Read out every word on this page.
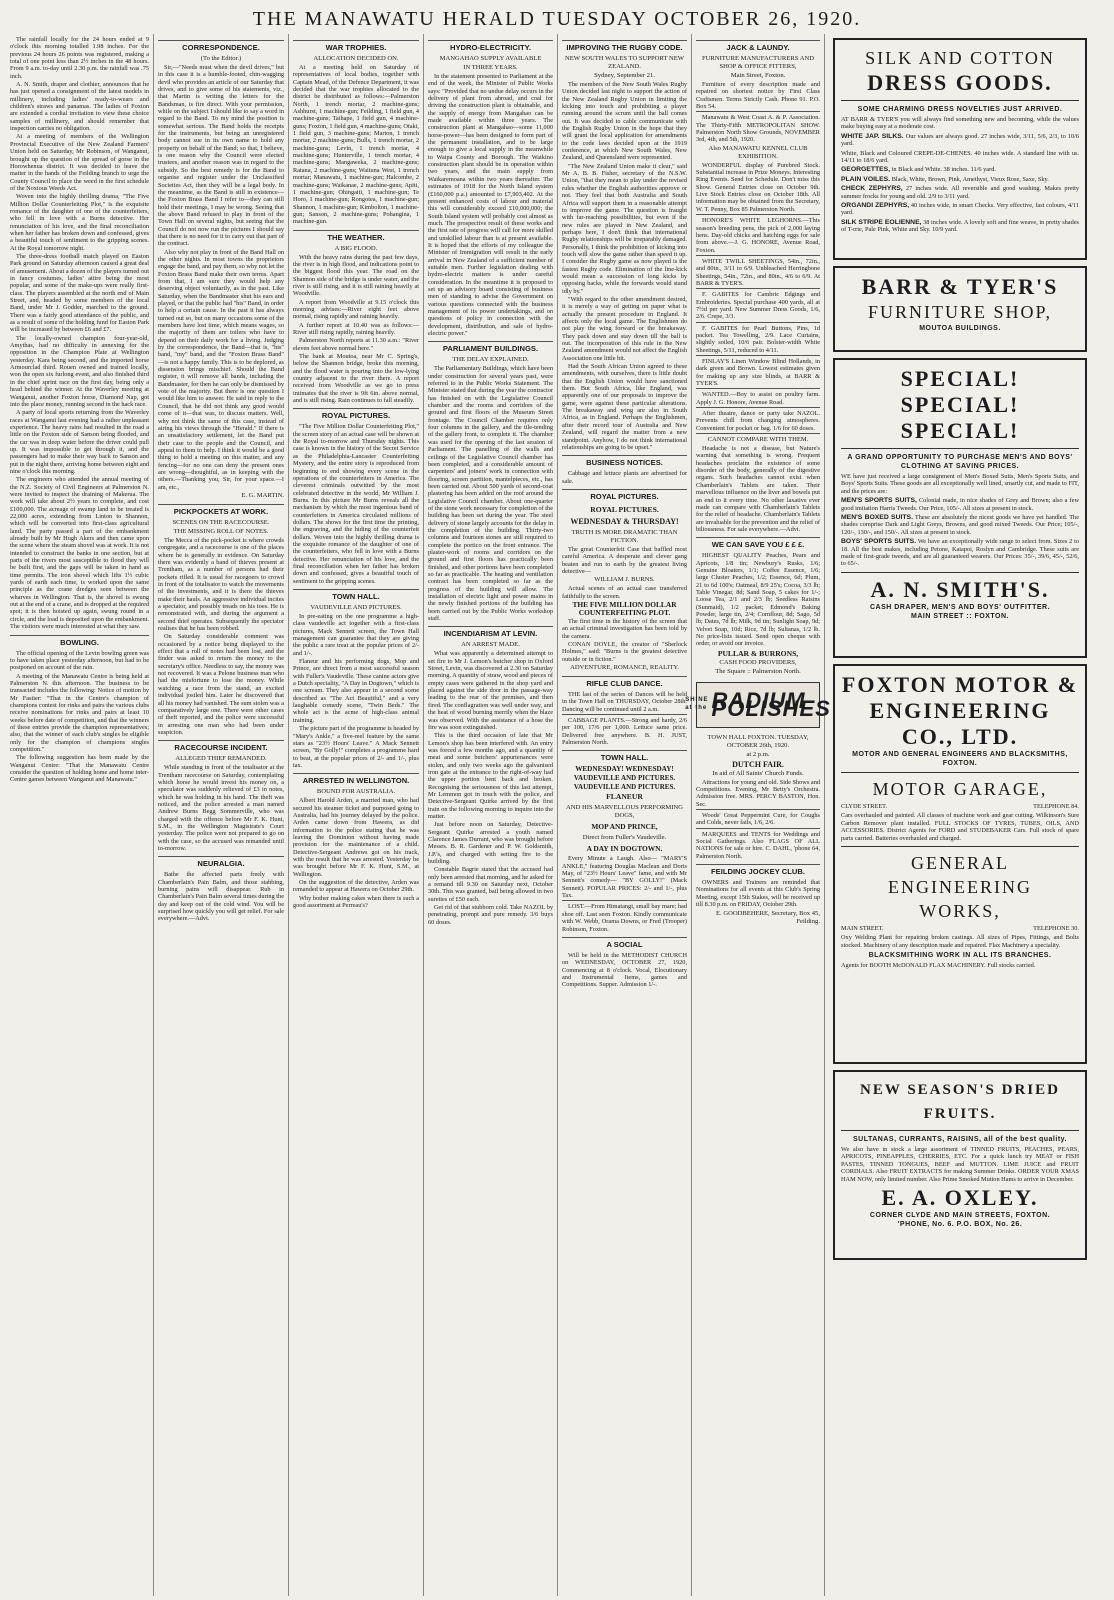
THE MANAWATU HERALD TUESDAY OCTOBER 26, 1920.

The rainfall locally for the 24 hours ended at 9 o'clock this morning totalled 1.98 inches. For the previous 24 hours 26 points was registered, making a total of one point less than 2½ inches in the 48 hours. From 9 a.m. to-day until 2.30 p.m. the rainfall was .75 inch.

A. N. Smith, draper and clothier, announces that he has just opened a consignment of the latest models in millinery, including ladies' ready-to-wears and children's straws and panamas. The ladies of Foxton are extended a cordial invitation to view these choice samples of millinery, and should remember that inspection carries no obligation.

At a meeting of members of the Wellington Provincial Executive of the New Zealand Farmers' Union held on Saturday, Mr Robinson, of Wanganui, brought up the question of the spread of gorse in the Horowhenua district. It was decided to leave the matter in the hands of the Feilding branch to urge the County Council to place the weed in the first schedule of the Noxious Weeds Act.

Woven into the highly thrilling drama, "The Five Million Dollar Counterfeiting Plot," is the exquisite romance of the daughter of one of the counterfeiters, who fell in love with a Burns detective. Her renunciation of his love, and the final reconciliation when her father has broken down and confessed, gives a beautiful touch of sentiment to the gripping scenes. At the Royal tomorrow night.

The three-dress football match played on Easton Park ground on Saturday afternoon caused a great deal of amusement. About a dozen of the players turned out in fancy costumes, ladies' attire being the most popular, and some of the make-ups were really first-class. The players assembled at the north end of Main Street, and, headed by some members of the local Band, under Mr J. Godder, marched to the ground. There was a fairly good attendance of the public, and as a result of some of the holding fund for Easton Park will be increased by between £6 and £7.

The locally-owned champion four-year-old, Amythas, had no difficulty in annexing for the opposition in the Champion Plate at Wellington yesterday. Kara being second, and the imported horse Armourclad third. Rouen owned and trained locally, won the open six furlong event, and also finished third in the chief sprint race on the first day, being only a head behind the winner. At the Waverley meeting at Wanganui, another Foxton horse, Diamond Nap, got into the place money, running second in the hack race.

A party of local sports returning from the Waverley races at Wanganui last evening had a rather unpleasant experience. The heavy rains had resulted in the road a little on the Foxton side of Sanson being flooded, and the car was in deep water before the driver could pull up. It was impossible to get through it, and the passengers had to make their way back to Sanson and put in the night there, arriving home between eight and nine o'clock this morning.

The engineers who attended the annual meeting of the N.Z. Society of Civil Engineers at Palmerston N. were invited to inspect the draining of Makerua. The work will take about 2½ years to complete, and cost £100,000. The acreage of swamp land to be treated is 22,000 acres, extending from Linton to Shannon, which will be converted into first-class agricultural land. The party passed a part of the embankment already built by Mr Hugh Akers and then came upon the scene where the steam shovel was at work. It is not intended to construct the banks in one section, but at parts of the rivers most susceptible to flood they will be built first, and the gaps will be taken in hand as time permits. The iron shovel which lifts 1½ cubic yards of earth each time, is worked upon the same principle as the crane dredges seen between the wharves in Wellington. That is, the shovel is swung out at the end of a crane, and is dropped at the required spot; it is then hoisted up again, swung round in a circle, and the load is deposited upon the embankment. The visitors were much interested at what they saw.

BOWLING.

The official opening of the Levin bowling green was to have taken place yesterday afternoon, but had to be postponed on account of the rain.

A meeting of the Manawatu Centre is being held at Palmerston N. this afternoon. The business to be transacted includes the following: Notice of motion by Mr Fastier: "That in the Centre's champion of champions contest for rinks and pairs the various clubs receive nominations for rinks and pairs at least 10 weeks before date of competition, and that the winners of these entries provide the champion representatives; also, that the winner of each club's singles be eligible only for the champion of champions singles competition."

The following suggestion has been made by the Wanganui Centre: "That the Manawatu Centre consider the question of holding home and home inter-Centre games between Wanganui and Manawatu."

CORRESPONDENCE.
(To the Editor.)

Sir,—"Needs must when the devil drives," but in this case it is a humble-footed, chin-wagging devil who provides an article of our Saturday that drives, and to give some of his statements, viz., that Martin is writing the letters for the Bandsman, is fire direct. With your permission, while on the subject I should like to say a word in regard to the Band. To my mind the position is somewhat serious. The Band holds the receipts for the instruments, but being an unregistered body cannot sue in its own name to hold any property on behalf of the Band; so that, I believe, is one reason why the Council were elected trustees, and another reason was in regard to the subsidy. So the best remedy is for the Band to organise and register under the Unclassified Societies Act, then they will be a legal body. In the meantime, as the Band is still in existence—the Foxton Brass Band I refer to—they can still hold their meetings, I may be wrong. Seeing that the above Band refused to play in front of the Town Hall on several nights, but seeing that the Council do not now run the pictures I should say that there is no need for it to carry out that part of the contract.

Also why not play in front of the Band Hall on the other nights. In most towns the proprietors engage the band, and pay them, so why not let the Foxton Brass Band make their own terms. Apart from that, I am sure they would help any deserving object voluntarily, as in the past. Like Saturday, when the Bandmaster shut his ears and played, or that the public had "his" Band, in order to help a certain cause. In the past it has always turned out so, but on many occasions some of the members have lost time, which means wages, so the majority of them are toilers who have to depend on their daily work for a living. Judging by the correspondence, the Band—that is, "his" band, "my" band, and the "Foxton Brass Band" —is not a happy family. This is to be deplored, as dissension brings mischief. Should the Band register, it will remove all bands, including the Bandmaster, for then he can only be dismissed by vote of the majority. But there is one question I would like him to answer. He said in reply to the Council, that he did not think any good would come of it—that was, to discuss matters. Well, why not think the same of this case, instead of airing his views through the "Herald." If there is an unsatisfactory settlement, let the Band put their case to the people and the Council, and appeal to them to help. I think it would be a good thing to hold a meeting on this matter, and any fencing—for no one can deny the present ones are wrong—thoughtful, as in keeping with the others.—Thanking you, Sir, for your space.—I am, etc.,

E. G. MARTIN.
PICKPOCKETS AT WORK.
SCENES ON THE RACECOURSE.
THE MISSING ROLL OF NOTES.

The Mecca of the pick-pocket is where crowds congregate, and a racecourse is one of the places where he is generally in evidence. On Saturday there was evidently a band of thieves present at Trentham, as a number of persons had their pockets rifled. It is usual for racegoers to crowd in front of the totalisator to watch the movements of the investments, and it is there the thieves make their hauls. An aggressive individual incites a spectator, and possibly treads on his toes. He is remonstrated with, and during the argument a second thief operates. Subsequently the spectator realises that he has been robbed.

On Saturday considerable comment was occasioned by a notice being displayed to the effect that a roll of notes had been lost, and the finder was asked to return the money to the secretary's office. Needless to say, the money was not recovered. It was a Pelone business man who had the misfortune to lose the money. While watching a race from the stand, an excited individual jostled him. Later he discovered that all his money had vanished. The sum stolen was a comparatively large one. There were other cases of theft reported, and the police were successful in arresting one man who had been under suspicion.

RACECOURSE INCIDENT.
ALLEGED THIEF REMANDED.

While standing in front of the totalisator at the Trentham racecourse on Saturday, contemplating which horse he would invest his money on, a speculator was suddenly relieved of £3 in notes, which he was holding in his hand. The theft was noticed, and the police arrested a man named Andrew Burns Begg Sommerville, who was charged with the offence before Mr F. K. Hunt, S.M., in the Wellington Magistrate's Court yesterday. The police were not prepared to go on with the case, so the accused was remanded until to-morrow.

NEURALGIA.

Bathe the affected parts freely with Chamberlain's Pain Balm, and those stabbing, burning pains will disappear. Rub in Chamberlain's Pain Balm several times during the day and keep out of the cold wind. You will be surprised how quickly you will get relief. For sale everywhere.—Advt.

WAR TROPHIES.
ALLOCATION DECIDED ON.

At a meeting held on Saturday of representatives of local bodies, together with Captain Mead, of the Defence Department, it was decided that the war trophies allocated to the district be distributed as follows:—Palmerston North, 1 trench mortar, 2 machine-guns; Ashhurst, 1 machine-gun; Feilding, 1 field gun, 4 machine-guns; Taihape, 1 field gun, 4 machine-guns; Foxton, 1 field gun, 4 machine-guns; Otaki, 1 field gun, 3 machine-guns; Marton, 1 trench mortar, 2 machine-guns; Bulls, 1 trench mortar, 2 machine-guns; Levin, 1 trench mortar, 4 machine-guns; Hunterville, 1 trench mortar, 4 machine-guns; Mangaweka, 2 machine-guns; Ratana, 2 machine-guns; Waituna West, 1 trench mortar; Manawatu, 1 machine-gun; Halcombe, 2 machine-guns; Waikanae, 2 machine-guns; Apiti, 1 machine-gun; Ohingaiti, 1 machine-gun; Te Horo, 1 machine-gun; Rongotea, 1 machine-gun; Shannon, 1 machine-gun; Kimbolton, 1 machine-gun; Sanson, 2 machine-guns; Pohangina, 1 machine-gun.

THE WEATHER.
A BIG FLOOD.

With the heavy rains during the past few days, the river is in high flood, and indications point to the biggest flood this year. The road on the Shannon side of the bridge is under water, and the river is still rising, and it is still raining heavily at Woodville.

A report from Woodville at 9.15 o'clock this morning advises:—River eight feet above normal, rising rapidly and raining heavily.

A further report at 10.40 was as follows:—River still rising rapidly, raining heavily.

Palmerston North reports at 11.30 a.m.: "River eleven feet above normal here."

The bank at Moutoa, near Mr C. Spring's, below the Shannon bridge, broke this morning, and the flood water is pouring into the low-lying country adjacent to the river there. A report received from Woodville as we go to press intimates that the river is 9ft 6in. above normal, and is still rising. Rain continues to fall steadily.

ROYAL PICTURES.

"The Five Million Dollar Counterfeiting Plot," the screen story of an actual case will be shown at the Royal to-morrow and Thursday nights. This case is known in the history of the Secret Service as the Philadelphia-Lancaster Counterfeiting Mystery, and the entire story is reproduced from beginning to end showing every scene in the operations of the counterfeiters in America. The cleverest criminals outwitted by the most celebrated detective in the world, Mr William J. Burns. In this picture Mr Burns reveals all the mechanism by which the most ingenious band of counterfeiters in America circulated millions of dollars. The shows for the first time the printing, the engraving, and the hiding of the counterfeit dollars. Woven into the highly thrilling drama is the exquisite romance of the daughter of one of the counterfeiters, who fell in love with a Burns detective. Her renunciation of his love, and the final reconciliation when her father has broken down and confessed, gives a beautiful touch of sentiment to the gripping scenes.

TOWN HALL.
VAUDEVILLE AND PICTURES.

In pre-eating on the one programme a high-class vaudeville act together with a first-class pictures, Mack Sennett screen, the Town Hall management can guarantee that they are giving the public a rare treat at the popular prices of 2/- and 1/-.

Flaneur and his performing dogs, Mop and Prince, are direct from a most successful season with Fuller's Vaudeville. These canine actors give a Dutch speciality, "A Day in Dogtown," which is one scream. They also appear in a second scene described as "The Act Beautiful," and a very laughable comedy scene, "Twin Beds." The whole act is the acme of high-class animal training.

The picture part of the programme is headed by "Mary's Ankle," a five-reel feature by the same stars as "23½ Hours' Leave." A Mack Sennett screen, "By Golly!" completes a programme hard to beat, at the popular prices of 2/- and 1/-, plus tax.

ARRESTED IN WELLINGTON.
BOUND FOR AUSTRALIA.

Albert Harold Arden, a married man, who had secured his steamer ticket and purposed going to Australia, had his journey delayed by the police. Arden came down from Hawera, as did information to the police stating that he was leaving the Dominion without having made provision for the maintenance of a child. Detective-Sergeant Andrews got on his track, with the result that he was arrested. Yesterday he was brought before Mr F. K. Hunt, S.M., at Wellington.

On the suggestion of the detective, Arden was remanded to appear at Hawera on October 29th.

Why bother making cakes when there is such a good assortment at Perreau's?

HYDRO-ELECTRICITY.
MANGAHAO SUPPLY AVAILABLE
IN THREE YEARS.

In the statement presented to Parliament at the end of the week, the Minister of Public Works says: "Provided that no undue delay occurs in the delivery of plant from abroad, and coal for driving the construction plant is obtainable, and the supply of energy from Mangahao can be made available within three years. The construction plant at Mangahao—some 11,000 horse-power—has been designed to form part of the permanent installation, and to be large enough to give a local supply in the meanwhile to Waipa County and Borough. The Waikino construction plant should be in operation within two years, and the main supply from Waikaremoana within two years thereafter. The estimates of 1918 for the North Island system (£160,000 p.a.) amounted to £7,903,402. At the present enhanced costs of labour and material this will considerably exceed £10,000,000; the South Island system will probably cost almost as much. The prospective result of these works and the first rate of progress will call for more skilled and unskilled labour than is at present available. It is hoped that the efforts of my colleague the Minister of Immigration will result in the early arrival in New Zealand of a sufficient number of suitable men. Further legislation dealing with hydro-electric matters is under careful consideration. In the meantime it is proposed to set up an advisory board consisting of business men of standing to advise the Government on various questions connected with the business management of its power undertakings, and on questions of policy in connection with the development, distribution, and sale of hydro-electric power."

PARLIAMENT BUILDINGS.
THE DELAY EXPLAINED.

The Parliamentary Buildings, which have been under construction for several years past, were referred to in the Public Works Statement. The Minister stated that during the year the contractor has finished on with the Legislative Council chamber and the rooms and corridors of the ground and first floors of the Museum Street frontage. The Council Chamber requires only four columns in the gallery, and the tile-tending of the gallery front, to complete it. The chamber was used for the opening of the last session of Parliament. The panelling of the walls and ceilings of the Legislative Council chamber has been completed, and a considerable amount of carpenters' and joiners' work in connection with flooring, screen partition, mantelpieces, etc., has been carried out. About 500 yards of second-coat plastering has been added on the roof around the Legislative Council chamber. About one-quarter of the stone work necessary for completion of the building has been set during the year. The steel delivery of stone largely accounts for the delay in the completion of the building. Thirty-two columns and fourteen stones are still required to complete the portico on the front entrance. The plaster-work of rooms and corridors on the ground and first floors has practically been finished, and other portions have been completed so far as practicable. The heating and ventilation contract has been completed so far as the progress of the building will allow. The installation of electric light and power mains in the newly finished portions of the building has been carried out by the Public Works workshop staff.

INCENDIARISM AT LEVIN.
AN ARREST MADE.

What was apparently a determined attempt to set fire to Mr J. Lemon's butcher shop in Oxford Street, Levin, was discovered at 2.30 on Saturday morning. A quantity of straw, wood and pieces of empty cases were gathered in the shop yard and placed against the side door in the passage-way leading to the rear of the premises, and then fired. The conflagration was well under way, and the heat of wood burning merrily when the blaze was observed. With the assistance of a hose the fire was soon extinguished.

This is the third occasion of late that Mr Lemon's shop has been interfered with. An entry was forced a few months ago, and a quantity of meat and some butchers' appurtenances were stolen, and only two weeks ago the galvanised iron gate at the entrance to the right-of-way had the upper portion bent back and broken. Recognising the seriousness of this last attempt, Mr Lemmon got in touch with the police, and Detective-Sergeant Quirke arrived by the first train on the following morning to inquire into the matter.

Just before noon on Saturday, Detective-Sergeant Quirke arrested a youth named Clarence James Durrant, who was brought before Messrs. B. R. Gardener and P. W. Goldsmith, J.P.'s, and charged with setting fire to the building.

Constable Bagrie stated that the accused had only been arrested that morning, and he asked for a remand till 9.30 on Saturday next, October 30th. This was granted, bail being allowed in two sureties of £50 each.

Get rid of that stubborn cold. Take NAZOL by penetrating, prompt and pure remedy. 3/6 buys 60 doses.

IMPROVING THE RUGBY CODE.
NEW SOUTH WALES TO SUPPORT NEW ZEALAND.
Sydney, September 21.

The members of the New South Wales Rugby Union decided last night to support the action of the New Zealand Rugby Union in limiting the kicking into touch and prohibiting a player running around the scrum until the ball comes out. It was decided to cable communicate with the English Rugby Union in the hope that they will grant the local application for amendments to the code laws decided upon at the 1919 conference, at which New South Wales, New Zealand, and Queensland were represented.

"The New Zealand Union make it clear," said Mr A. B. B. Fisher, secretary of the N.S.W. Union, "that they mean to play under the revised rules whether the English authorities approve or not. They feel that both Australia and South Africa will support them in a reasonable attempt to improve the game. The question is fraught with far-reaching possibilities, but even if the new rules are played in New Zealand, and perhaps here, I don't think that international Rugby relationships will be irreparably damaged. Personally, I think the prohibition of kicking into touch will slow the game rather than speed it up. I consider the Rugby game as now played is the fastest Rugby code. Elimination of the line-kick would mean a succession of long kicks by opposing backs, while the forwards would stand idly by."

"With regard to the other amendment desired, it is merely a way of getting on paper what is actually the present procedure in England. It affects only the local game. The Englishmen do not play the wing forward or the breakaway. They pack down and stay down till the ball is out. The incorporation of this rule in the New Zealand amendment would not affect the English Association one little bit.

Had the South African Union agreed to these amendments, with ourselves, there is little doubt that the English Union would have sanctioned them. But South Africa, like England, was apparently one of our proposals to improve the game, were against these particular alterations. The breakaway and wing are also in South Africa, as in England. Perhaps the Englishmen, after their record tour of Australia and New Zealand, will regard the matter from a new standpoint. Anyhow, I do not think international relationships are going to be upset."

BUSINESS NOTICES.

Cabbage and lettuce plants are advertised for sale.

ROYAL PICTURES.
ROYAL PICTURES.
WEDNESDAY & THURSDAY!
TRUTH IS MORE DRAMATIC THAN FICTION.

The great Counterfeit Case that baffled most careful America. A desperate and clever gang beaten and run to earth by the greatest living detective—

WILLIAM J. BURNS.

Actual scenes of an actual case transferred faithfully to the screen.

THE FIVE MILLION DOLLAR
COUNTERFEITING PLOT.

The first time in the history of the screen that an actual criminal investigation has been told by the camera.

CONAN DOYLE, the creator of "Sherlock Holmes," said: "Burns is the greatest detective outside or in fiction."

ADVENTURE, ROMANCE, REALITY.
RIFLE CLUB DANCE.

THE last of the series of Dances will be held in the Town Hall on THURSDAY, October 28th. Dancing will be continued until 2 a.m.

CABBAGE PLANTS.—Strong and hardy, 2/6 per 100, 17/6 per 1,000. Lettuce same price. Delivered free anywhere. B. H. JUST, Palmerston North.

TOWN HALL.
WEDNESDAY! WEDNESDAY!
VAUDEVILLE AND PICTURES.
VAUDEVILLE AND PICTURES.
FLANEUR
AND HIS MARVELLOUS PERFORMING DOGS,
MOP AND PRINCE,
Direct from Fuller's Vaudeville.
A DAY IN DOGTOWN.

Every Minute a Laugh. Also— "MARY'S ANKLE," featuring Douglas Maclean and Doris May, of "23½ Hours' Leave" fame, and with Mr Sennett's comedy— "BY GOLLY!" (Mack Sennett). POPULAR PRICES: 2/- and 1/-, plus Tax.

LOST.—From Himatangi, small bay mare; had shoe off. Last seen Foxton. Kindly communicate with W. Webb, Orama Downs, or Fred (Trooper) Robinson, Foxton.

A SOCIAL

Will be held in the METHODIST CHURCH on WEDNESDAY, OCTOBER 27, 1920, Commencing at 8 o'clock. Vocal, Elocutionary and Instrumental Items, games and Competitions. Supper. Admission 1/-.

JACK & LAUNDY.
FURNITURE MANUFACTURERS AND SHOP & OFFICE FITTERS,
Main Street, Foxton.

Furniture of every description made and repaired on shortest notice by First Class Craftsmen. Terms Strictly Cash. Phone 91. P.O. Box 54.

Manawatu & West Coast A. & P. Association. The Thirty-Fifth METROPOLITAN SHOW. Palmerston North Show Grounds, NOVEMBER 3rd, 4th, and 5th, 1920.

Also MANAWATU KENNEL CLUB EXHIBITION.

WONDERFUL display of Purebred Stock. Substantial increase in Prize Moneys. Interesting Ring Events. Send for Schedule. Don't miss this Show. General Entries close on October 9th. Live Stock Entries close on October 18th. All information may be obtained from the Secretary, W. T. Penny, Box 85 Palmerston North.

HONORE'S WHITE LEGHORNS.—This season's breeding pens, the pick of 2,000 laying hens. Day-old chicks and hatching eggs for sale from above.—J. G. HONORE, Avenue Road, Foxton.

WHITE TWILL SHEETINGS, 54in., 72in., and 80in., 3/11 to 6/9. Unbleached Herringbone Sheetings, 54in., 72in., and 80in., 4/6 to 6/9. At BARR & TYER'S.

F. GABITES for Cambric Edgings and Embroideries. Special purchase 400 yards, all at 7½d per yard. New Summer Dress Goods, 1/6, 2/6. Crepe, 3/3.

F. GABITES for Pearl Buttons, Pins, 1d packet. Tea Towelling, 2/9. Lace Curtains, slightly soiled, 10/6 pair. Bolster-width White Sheetings, 5/11, reduced to 4/11.

FINLAY'S Linen Window Blind Hollands, in dark green and Brown. Lowest estimates given for making up any size blinds, at BARR & TYER'S.

WANTED.—Boy to assist on poultry farm. Apply J. G. Honore, Avenue Road.

After theatre, dance or party take NAZOL. Prevents chill from changing atmospheres. Convenient for pocket or bag. 1/6 for 60 doses.

CANNOT COMPARE WITH THEM.

Headache is not a disease, but Nature's warning that something is wrong. Frequent headaches proclaim the existence of some disorder of the body, generally of the digestive organs. Such headaches cannot exist when Chamberlain's Tablets are taken. Their marvellous influence on the liver and bowels put an end to it every time. No other laxative ever made can compare with Chamberlain's Tablets for the relief of headache. Chamberlain's Tablets are invaluable for the prevention and the relief of biliousness. For sale everywhere.—Advt.

WE CAN SAVE YOU £ £ £.

HIGHEST QUALITY Peaches, Pears and Apricots, 1/8 tin; Newbury's Rusks, 1/6; Genuine Bloaters, 1/1; Coffee Essence, 1/6; large Cluster Peaches, 1/2; Essence, 6d; Plum, 21 to 6d 100's; Oatmeal, 8/9 25's; Cocoa, 3/3 lb; Table Vinegar, 8d; Sand Soap, 5 cakes for 1/-; Loose Tea, 2/1 and 2/3 lb; Seedless Raisins (Sunmaid), 1/2 packet; Edmond's Baking Powder, large tin, 2/4; Cornflour, 8d; Sago, 5d lb; Dates, 7d lb; Milk, 9d tin; Sunlight Soap, 9d; Velvet Soap, 10d; Rice, 7d lb; Sultanas, 1/2 lb. No price-lists issued. Send open cheque with order, or avoid our invoice.

PULLAR & BURRONS,
CASH FOOD PROVIDERS,
The Square :: Palmerston North.
SHINE at the RADIUM POLISHES
TOWN HALL FOXTON. TUESDAY, OCTOBER 26th, 1920.
at 2 p.m.
DUTCH FAIR.
In aid of All Saints' Church Funds.

Attractions for young and old. Side Shows and Competitions. Evening, Mr Betty's Orchestra. Admission free. MRS. PERCY BASTON, Hon. Sec.

Woods' Great Peppermint Cure, for Coughs and Colds, never fails, 1/6, 2/6.

MARQUEES and TENTS for Weddings and Social Gatherings. Also FLAGS OF ALL NATIONS for sale or hire. C. DAHL, 'phone 64, Palmerston North.

FEILDING JOCKEY CLUB.

OWNERS and Trainers are reminded that Nominations for all events at this Club's Spring Meeting, except 15th Stakes, will be received up till 8.30 p.m. on FRIDAY, October 29th.

E. GOODBEHERE, Secretary, Box 45, Feilding.
SILK AND COTTON
DRESS GOODS.
SOME CHARMING DRESS NOVELTIES JUST ARRIVED.
AT BARR & TYER'S you will always find something new and becoming, while the values make buying easy at a moderate cost.
WHITE JAP. SILKS. Our values are always good. 27 inches wide, 3/11, 5/6, 2/3, to 10/6 yard.
White, Black and Coloured CREPE-DE-CHENES. 40 inches wide. A standard line with us. 14/11 to 18/6 yard.
GEORGETTES, in Black and White. 38 inches. 11/6 yard.
PLAIN VOILES. Black, White, Brown, Pink, Amethyst, Vieux Rose, Saxe, Sky.
CHECK ZEPHYRS, 27 inches wide. All reversible and good washing. Makes pretty summer frocks for young and old. 2/9 to 3/11 yard.
ORGANDI ZEPHYRS, 40 inches wide, in smart Checks. Very effective, fast colours, 4/11 yard.
SILK STRIPE EOLIENNE, 38 inches wide. A lovely soft and fine weave, in pretty shades of T-rrie, Pale Pink, White and Sky. 10/9 yard.
BARR & TYER'S
FURNITURE SHOP,
MOUTOA BUILDINGS.
SPECIAL!
SPECIAL! SPECIAL!
A GRAND OPPORTUNITY TO PURCHASE MEN'S AND BOYS' CLOTHING AT SAVING PRICES.
WE have just received a large consignment of Men's Boxed Suits, Men's Sports Suits, and Boys' Sports Suits. These goods are all exceptionally well lined, smartly cut, and made to FIT, and the prices are:
MEN'S SPORTS SUITS, Colonial made, in nice shades of Grey and Brown; also a few good imitation Harris Tweeds. Our Price, 105/-. All sizes at present in stock.
MEN'S BOXED SUITS. These are absolutely the nicest goods we have yet handled. The shades comprise Dark and Light Greys, Browns, and good mixed Tweeds. Our Price; 105/-, 120/-, 130/-, and 150/-. All sizes at present in stock.
BOYS' SPORTS SUITS. We have an exceptionally wide range to select from. Sizes 2 to 18. All the best makes, including Petone, Kaiapoi, Roslyn and Cambridge. These suits are made of first-grade tweeds, and are all guaranteed wearers. Our Prices: 35/-, 39/6, 45/-, 52/6, to 65/-.
A. N. SMITH'S.
CASH DRAPER, MEN'S AND BOYS' OUTFITTER.
MAIN STREET :: FOXTON.
FOXTON MOTOR &
ENGINEERING
CO., LTD.
MOTOR AND GENERAL ENGINEERS AND BLACKSMITHS, FOXTON.
MOTOR GARAGE,
CLYDE STREET.	TELEPHONE 84.
Cars overhauled and painted. All classes of machine work and gear cutting. Wilkinson's Sure Carbon Remover plant installed. FULL STOCKS OF TYRES, TUBES, OILS, AND ACCESSORIES. District Agents for FORD and STUDEBAKER Cars. Full stock of spare parts carried. Batteries overhauled and charged.
GENERAL ENGINEERING
WORKS,
MAIN STREET.	TELEPHONE 30.
Oxy Welding Plant for repairing broken castings. All sizes of Pipes, Fittings, and Bolts stocked. Machinery of any description made and repaired. Flax Machinery a speciality.
BLACKSMITHING WORK IN ALL ITS BRANCHES.
Agents for BOOTH McDONALD FLAX MACHINERY. Full stocks carried.
NEW SEASON'S DRIED FRUITS.
SULTANAS, CURRANTS, RAISINS, all of the best quality.
We also have in stock a large assortment of TINNED FRUITS, PEACHES, PEARS, APRICOTS, PINEAPPLES, CHERRIES, ETC. For a quick lunch try MEAT or FISH PASTES, TINNED TONGUES, BEEF and MUTTON. LIME JUICE and FRUIT CORDIALS. Also FRUIT EXTRACTS for making Summer Drinks. ORDER YOUR XMAS HAM NOW, only limited number. Also Prime Smoked Mutton Hams to arrive in December.
E. A. OXLEY.
CORNER CLYDE AND MAIN STREETS, FOXTON.
'PHONE, No. 6. P.O. BOX, No. 26.
